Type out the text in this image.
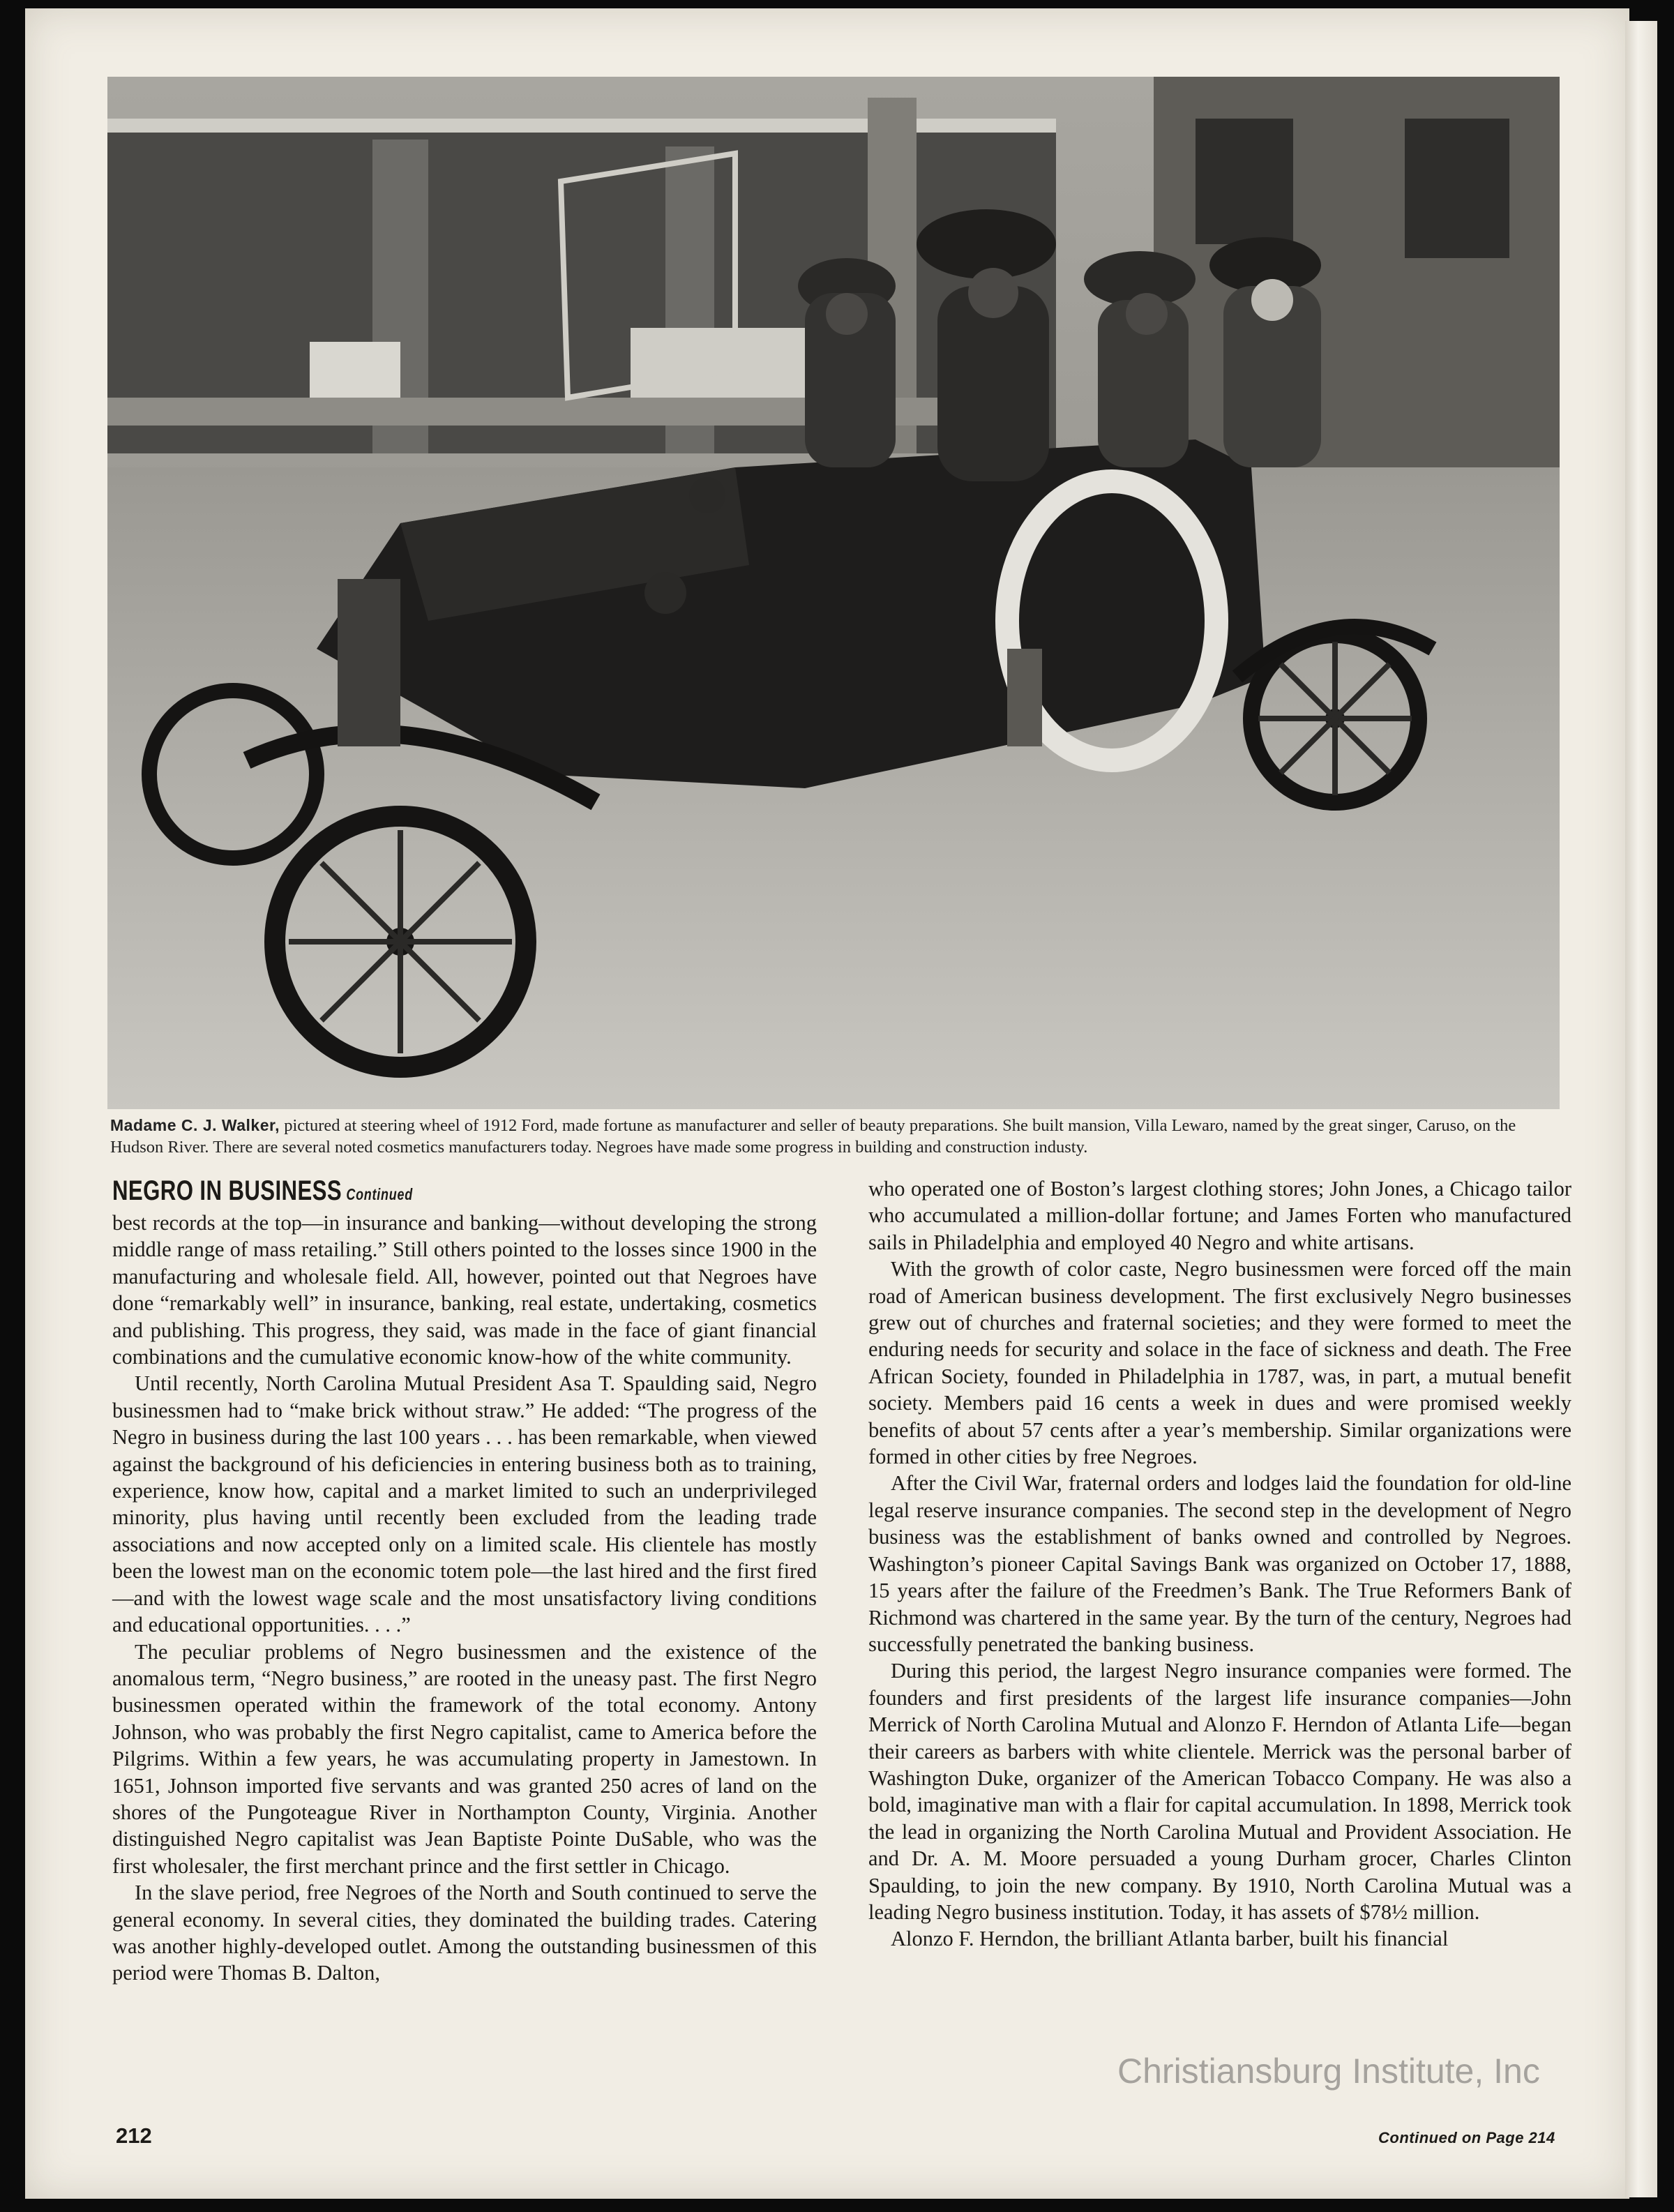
Madame C. J. Walker, pictured at steering wheel of 1912 Ford, made fortune as manufacturer and seller of beauty preparations. She built mansion, Villa Lewaro, named by the great singer, Caruso, on the Hudson River. There are several noted cosmetics manufacturers today. Negroes have made some progress in building and construction industy.
NEGRO IN BUSINESS Continued

best records at the top—in insurance and banking—without developing the strong middle range of mass retailing.” Still others pointed to the losses since 1900 in the manufacturing and wholesale field. All, however, pointed out that Negroes have done “remarkably well” in insurance, banking, real estate, undertaking, cosmetics and publishing. This progress, they said, was made in the face of giant financial combinations and the cumulative economic know-how of the white community.

Until recently, North Carolina Mutual President Asa T. Spaulding said, Negro businessmen had to “make brick without straw.” He added: “The progress of the Negro in business during the last 100 years . . . has been remarkable, when viewed against the background of his deficiencies in entering business both as to training, experience, know how, capital and a market limited to such an underprivileged minority, plus having until recently been excluded from the leading trade associations and now accepted only on a limited scale. His clientele has mostly been the lowest man on the economic totem pole—the last hired and the first fired—and with the lowest wage scale and the most unsatisfactory living conditions and educational opportunities. . . .”

The peculiar problems of Negro businessmen and the existence of the anomalous term, “Negro business,” are rooted in the uneasy past. The first Negro businessmen operated within the framework of the total economy. Antony Johnson, who was probably the first Negro capitalist, came to America before the Pilgrims. Within a few years, he was accumulating property in Jamestown. In 1651, Johnson imported five servants and was granted 250 acres of land on the shores of the Pungoteague River in Northampton County, Virginia. Another distinguished Negro capitalist was Jean Baptiste Pointe DuSable, who was the first wholesaler, the first merchant prince and the first settler in Chicago.

In the slave period, free Negroes of the North and South continued to serve the general economy. In several cities, they dominated the building trades. Catering was another highly-developed outlet. Among the outstanding businessmen of this period were Thomas B. Dalton,

who operated one of Boston’s largest clothing stores; John Jones, a Chicago tailor who accumulated a million-dollar fortune; and James Forten who manufactured sails in Philadelphia and employed 40 Negro and white artisans.

With the growth of color caste, Negro businessmen were forced off the main road of American business development. The first exclusively Negro businesses grew out of churches and fraternal societies; and they were formed to meet the enduring needs for security and solace in the face of sickness and death. The Free African Society, founded in Philadelphia in 1787, was, in part, a mutual benefit society. Members paid 16 cents a week in dues and were promised weekly benefits of about 57 cents after a year’s membership. Similar organizations were formed in other cities by free Negroes.

After the Civil War, fraternal orders and lodges laid the foundation for old-line legal reserve insurance companies. The second step in the development of Negro business was the establishment of banks owned and controlled by Negroes. Washington’s pioneer Capital Savings Bank was organized on October 17, 1888, 15 years after the failure of the Freedmen’s Bank. The True Reformers Bank of Richmond was chartered in the same year. By the turn of the century, Negroes had successfully penetrated the banking business.

During this period, the largest Negro insurance companies were formed. The founders and first presidents of the largest life insurance companies—John Merrick of North Carolina Mutual and Alonzo F. Herndon of Atlanta Life—began their careers as barbers with white clientele. Merrick was the personal barber of Washington Duke, organizer of the American Tobacco Company. He was also a bold, imaginative man with a flair for capital accumulation. In 1898, Merrick took the lead in organizing the North Carolina Mutual and Provident Association. He and Dr. A. M. Moore persuaded a young Durham grocer, Charles Clinton Spaulding, to join the new company. By 1910, North Carolina Mutual was a leading Negro business institution. Today, it has assets of $78½ million.

Alonzo F. Herndon, the brilliant Atlanta barber, built his financial

Christiansburg Institute, Inc
212	Continued on Page 214
